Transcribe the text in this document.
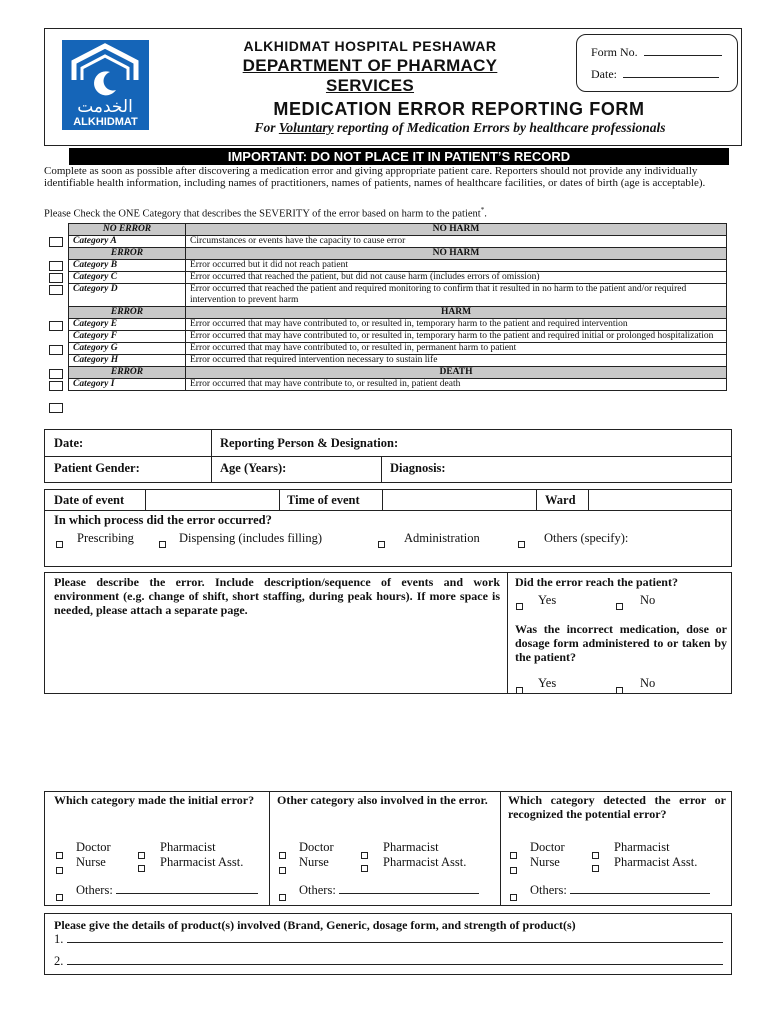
الخدمت
ALKHIDMAT
ALKHIDMAT HOSPITAL PESHAWAR
DEPARTMENT OF PHARMACY SERVICES
MEDICATION ERROR REPORTING FORM
For Voluntary reporting of Medication Errors by healthcare professionals
Form No.
Date:
IMPORTANT: DO NOT PLACE IT IN PATIENT’S RECORD
Complete as soon as possible after discovering a medication error and giving appropriate patient care. Reporters should not provide any individually identifiable health information, including names of practitioners, names of patients, names of healthcare facilities, or dates of birth (age is acceptable).
Please Check the ONE Category that describes the SEVERITY of the error based on harm to the patient*.
NO ERROR	NO HARM
Category A	Circumstances or events have the capacity to cause error
ERROR	NO HARM
Category B	Error occurred but it did not reach patient
Category C	Error occurred that reached the patient, but did not cause harm (includes errors of omission)
Category D	Error occurred that reached the patient and required monitoring to confirm that it resulted in no harm to the patient and/or required intervention to prevent harm
ERROR	HARM
Category E	Error occurred that may have contributed to, or resulted in, temporary harm to the patient and required intervention
Category F	Error occurred that may have contributed to, or resulted in, temporary harm to the patient and required initial or prolonged hospitalization
Category G	Error occurred that may have contributed to, or resulted in, permanent harm to patient
Category H	Error occurred that required intervention necessary to sustain life
ERROR	DEATH
Category I	Error occurred that may have contribute to, or resulted in, patient death
Date:	Reporting Person & Designation:
Patient Gender:	Age (Years):	Diagnosis:
Date of event	Time of event	Ward
In which process did the error occurred?
Prescribing	Dispensing (includes filling)	Administration	Others (specify):
Please describe the error. Include description/sequence of events and work environment (e.g. change of shift, short staffing, during peak hours). If more space is needed, please attach a separate page.
Did the error reach the patient?
Yes	No
Was the incorrect medication, dose or dosage form administered to or taken by the patient?
Yes	No
Which category made the initial error?	Other category also involved in the error.	Which category detected the error or recognized the potential error?
Doctor	Pharmacist
Nurse	Pharmacist Asst.
Others:
Doctor	Pharmacist
Nurse	Pharmacist Asst.
Others:
Doctor	Pharmacist
Nurse	Pharmacist Asst.
Others:
Please give the details of product(s) involved (Brand, Generic, dosage form, and strength of product(s)
1.
2.
